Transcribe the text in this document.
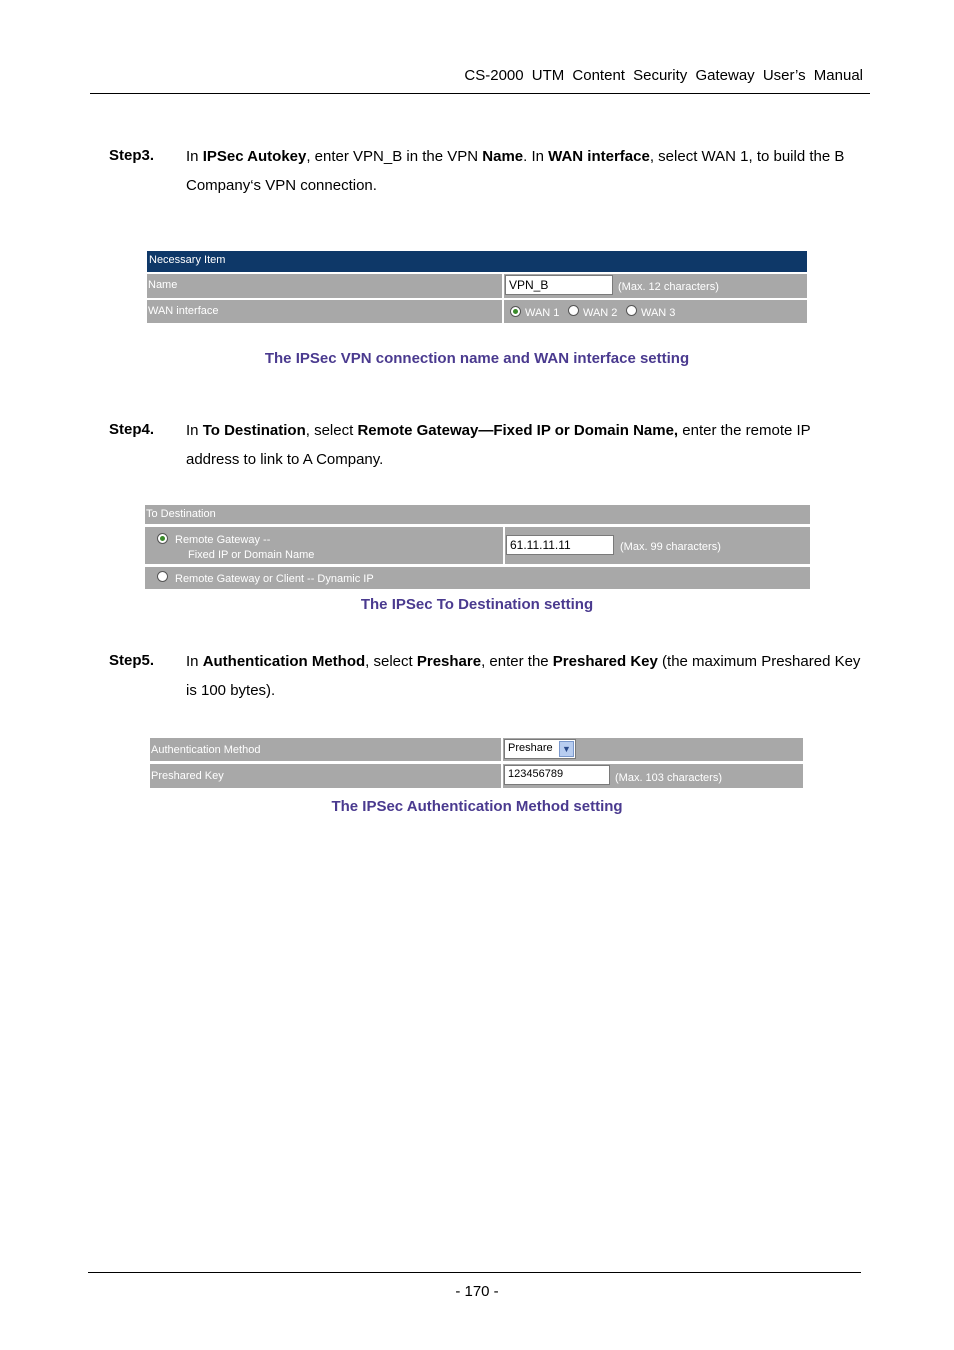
CS-2000 UTM Content Security Gateway User’s Manual
Step3. In IPSec Autokey, enter VPN_B in the VPN Name. In WAN interface, select WAN 1, to build the B Company‘s VPN connection.
Necessary Item
Name	VPN_B	(Max. 12 characters)
WAN interface	WAN 1 WAN 2 WAN 3
The IPSec VPN connection name and WAN interface setting
Step4. In To Destination, select Remote Gateway—Fixed IP or Domain Name, enter the remote IP address to link to A Company.
To Destination
Remote Gateway --
Fixed IP or Domain Name
61.11.11.11	(Max. 99 characters)
Remote Gateway or Client -- Dynamic IP
The IPSec To Destination setting
Step5. In Authentication Method, select Preshare, enter the Preshared Key (the maximum Preshared Key is 100 bytes).
Authentication Method	Preshare	▼
Preshared Key	123456789	(Max. 103 characters)
The IPSec Authentication Method setting
- 170 -
